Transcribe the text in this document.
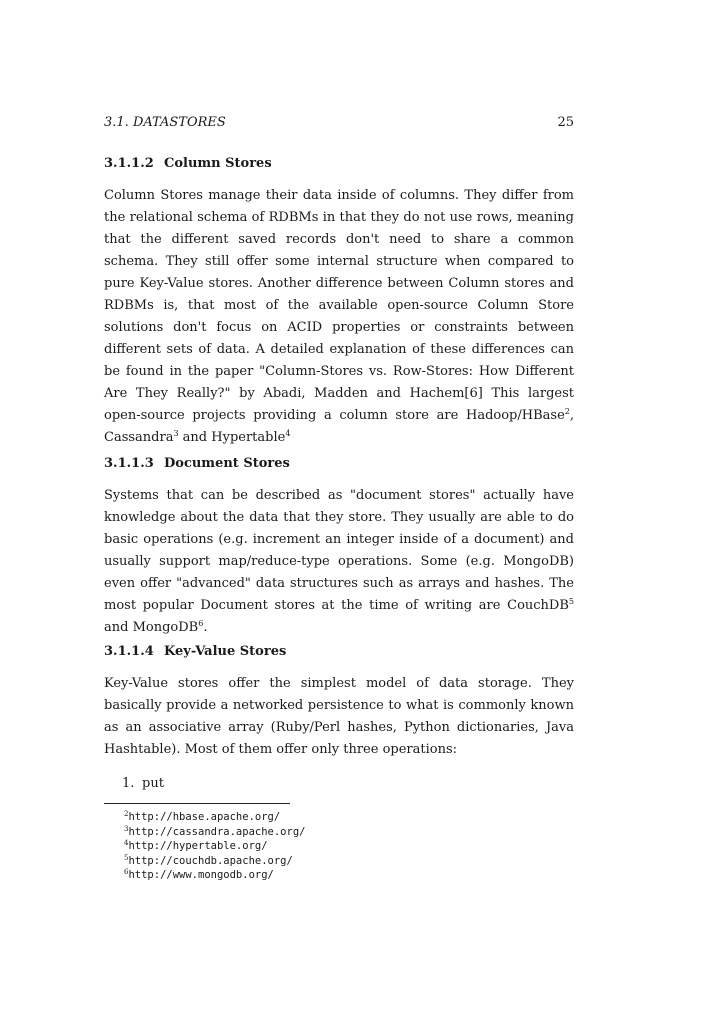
3.1. DATASTORES	25
3.1.1.2 Column Stores
Column Stores manage their data inside of columns. They differ from the relational schema of RDBMs in that they do not use rows, meaning that the different saved records don't need to share a common schema. They still offer some internal structure when compared to pure Key-Value stores. Another difference between Column stores and RDBMs is, that most of the available open-source Column Store solutions don't focus on ACID properties or constraints between different sets of data. A detailed explanation of these differences can be found in the paper "Column-Stores vs. Row-Stores: How Different Are They Really?" by Abadi, Madden and Hachem[6] This largest open-source projects providing a column store are Hadoop/HBase$^2$, Cassandra$^3$ and Hypertable$^4$
3.1.1.3 Document Stores
Systems that can be described as "document stores" actually have knowledge about the data that they store. They usually are able to do basic operations (e.g. increment an integer inside of a document) and usually support map/reduce-type operations. Some (e.g. MongoDB) even offer "advanced" data structures such as arrays and hashes. The most popular Document stores at the time of writing are CouchDB$^5$ and MongoDB$^6$.
3.1.1.4 Key-Value Stores
Key-Value stores offer the simplest model of data storage. They basically provide a networked persistence to what is commonly known as an associative array (Ruby/Perl hashes, Python dictionaries, Java Hashtable). Most of them offer only three operations:
1. put
$^2$http://hbase.apache.org/
$^3$http://cassandra.apache.org/
$^4$http://hypertable.org/
$^5$http://couchdb.apache.org/
$^6$http://www.mongodb.org/
